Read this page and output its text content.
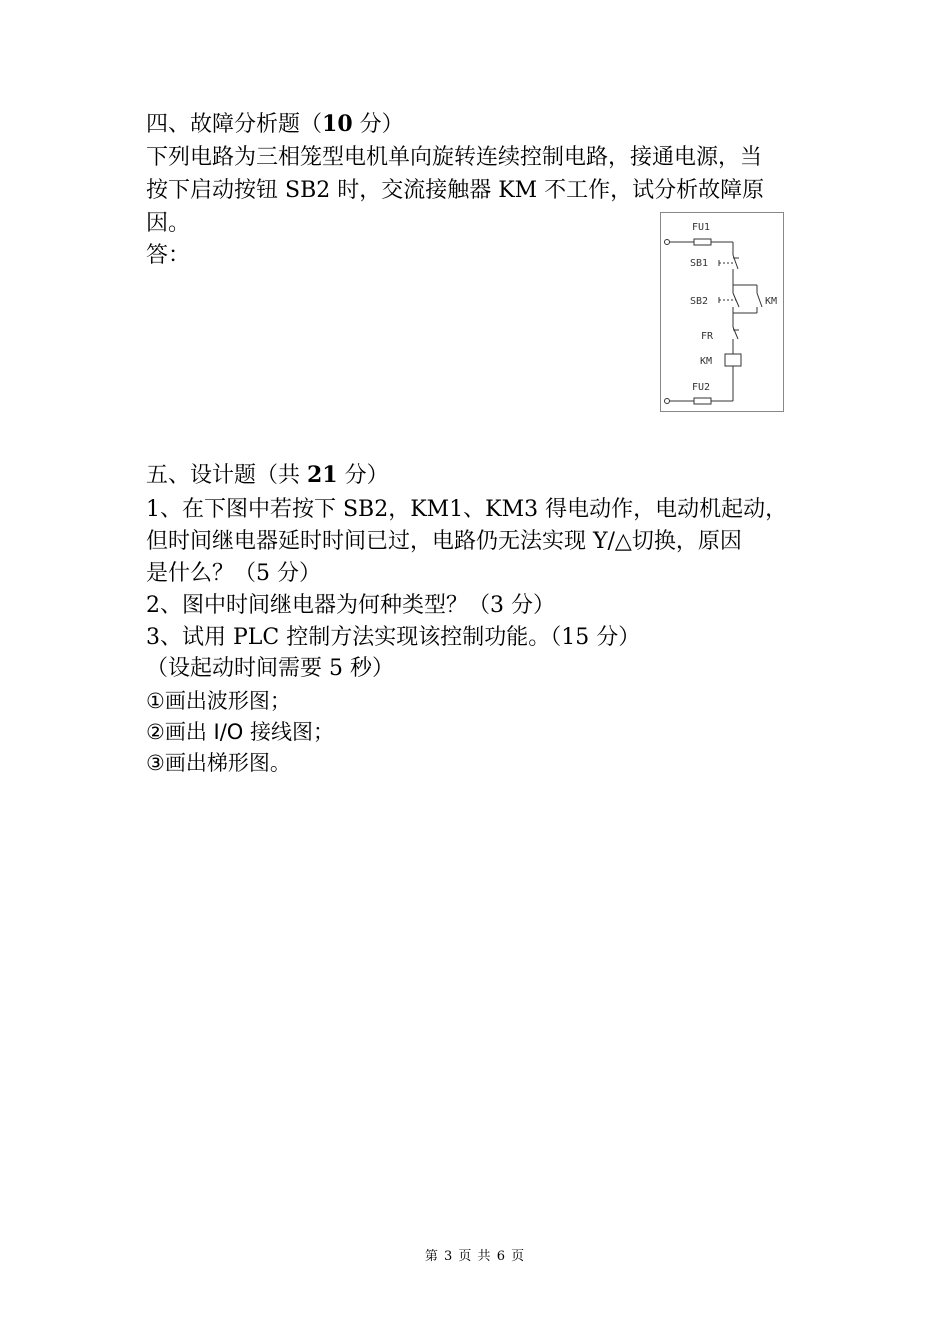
四、故障分析题（10 分）
下列电路为三相笼型电机单向旋转连续控制电路，接通电源，当
按下启动按钮 SB2 时，交流接触器 KM 不工作，试分析故障原
因。
答：
FU1
SB1
SB2	KM
FR
KM
FU2
五、设计题（共 21 分）
1、在下图中若按下 SB2，KM1、KM3 得电动作，电动机起动，
但时间继电器延时时间已过，电路仍无法实现 Y/△切换，原因
是什么？（5 分）
2、图中时间继电器为何种类型？（3 分）
3、试用 PLC 控制方法实现该控制功能。（15 分）
（设起动时间需要 5 秒）
①画出波形图；
②画出 I/O 接线图；
③画出梯形图。
第 3 页 共 6 页
